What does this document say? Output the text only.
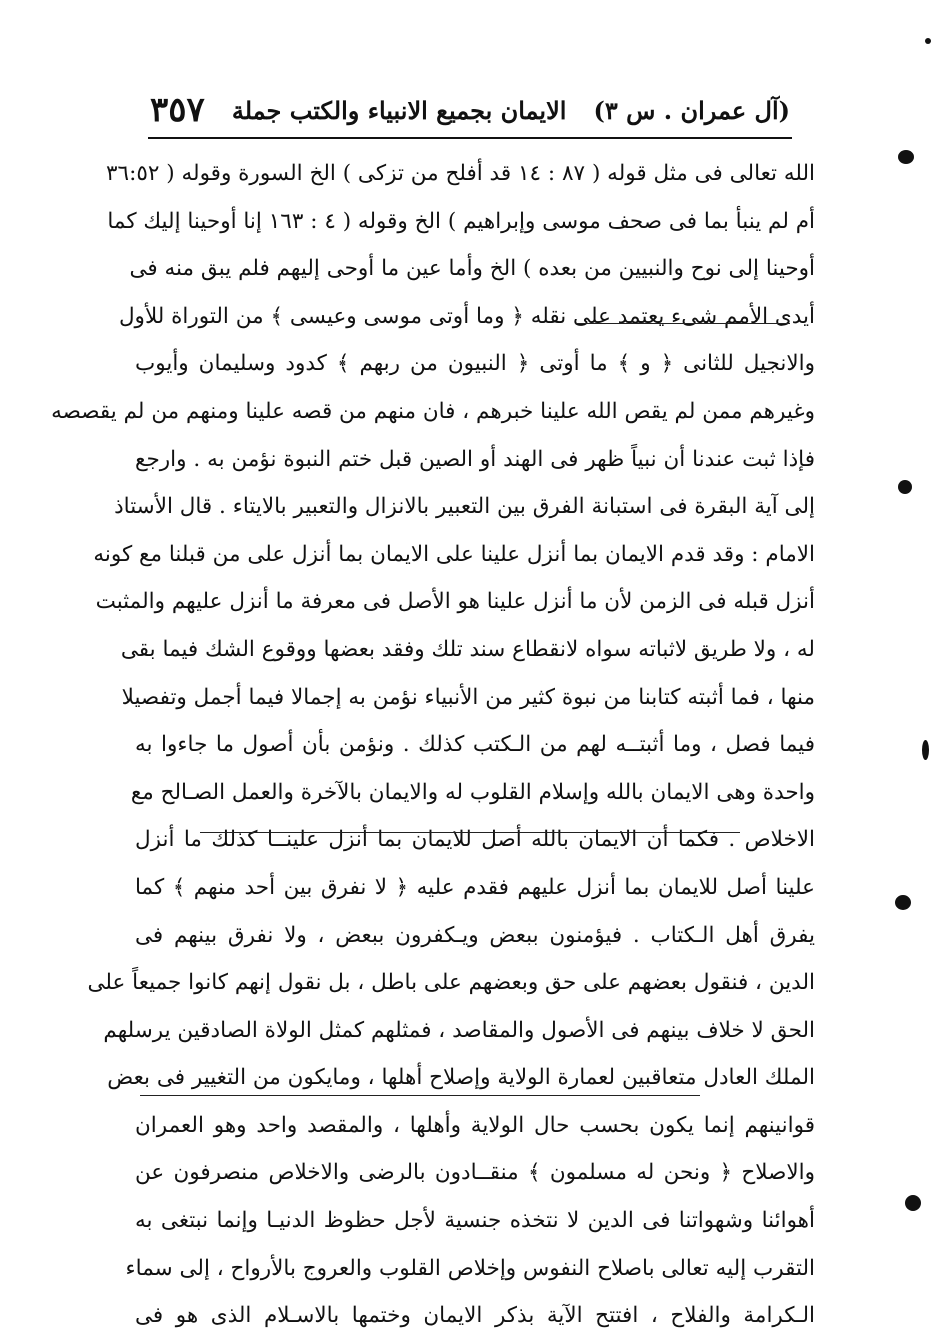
(آل عمران . س ٣)
الايمان بجميع الانبياء والكتب جملة
٣٥٧
الله تعالى فى مثل قوله ( ٨٧ : ١٤ قد أفلح من تزكى ) الخ السورة وقوله ( ٣٦:٥٢
أم لم ينبأ بما فى صحف موسى وإبراهيم ) الخ وقوله ( ٤ : ١٦٣ إنا أوحينا إليك كما
أوحينا إلى نوح والنبيين من بعده ) الخ وأما عين ما أوحى إليهم فلم يبق منه فى
أيدى الأمم شىء يعتمد على نقله ﴿ وما أوتى موسى وعيسى ﴾ من التوراة للأول
والانجيل للثانى ﴿ و ﴾ ما أوتى ﴿ النبيون من ربهم ﴾ كدود وسليمان وأيوب
وغيرهم ممن لم يقص الله علينا خبرهم ، فان منهم من قصه علينا ومنهم من لم يقصصه
فإذا ثبت عندنا أن نبياً ظهر فى الهند أو الصين قبل ختم النبوة نؤمن به . وارجع
إلى آية البقرة فى استبانة الفرق بين التعبير بالانزال والتعبير بالايتاء . قال الأستاذ
الامام : وقد قدم الايمان بما أنزل علينا على الايمان بما أنزل على من قبلنا مع كونه
أنزل قبله فى الزمن لأن ما أنزل علينا هو الأصل فى معرفة ما أنزل عليهم والمثبت
له ، ولا طريق لاثباته سواه لانقطاع سند تلك وفقد بعضها ووقوع الشك فيما بقى
منها ، فما أثبته كتابنا من نبوة كثير من الأنبياء نؤمن به إجمالا فيما أجمل وتفصيلا
فيما فصل ، وما أثبتــه لهم من الـكتب كذلك . ونؤمن بأن أصول ما جاءوا به
واحدة وهى الايمان بالله وإسلام القلوب له والايمان بالآخرة والعمل الصـالح مع
الاخلاص . فكما أن الايمان بالله أصل للايمان بما أنزل علينــا كذلك ما أنزل
علينا أصل للايمان بما أنزل عليهم فقدم عليه ﴿ لا نفرق بين أحد منهم ﴾ كما
يفرق أهل الـكتاب . فيؤمنون ببعض ويـكفرون ببعض ، ولا نفرق بينهم فى
الدين ، فنقول بعضهم على حق وبعضهم على باطل ، بل نقول إنهم كانوا جميعاً على
الحق لا خلاف بينهم فى الأصول والمقاصد ، فمثلهم كمثل الولاة الصادقين يرسلهم
الملك العادل متعاقبين لعمارة الولاية وإصلاح أهلها ، ومايكون من التغيير فى بعض
قوانينهم إنما يكون بحسب حال الولاية وأهلها ، والمقصد واحد وهو العمران
والاصلاح ﴿ ونحن له مسلمون ﴾ منقــادون بالرضى والاخلاص منصرفون عن
أهوائنا وشهواتنا فى الدين لا نتخذه جنسية لأجل حظوظ الدنيـا وإنما نبتغى به
التقرب إليه تعالى باصلاح النفوس وإخلاص القلوب والعروج بالأرواح ، إلى سماء
الـكرامة والفلاح ، افتتح الآية بذكر الايمان وختمها بالاسـلام الذى هو فى
